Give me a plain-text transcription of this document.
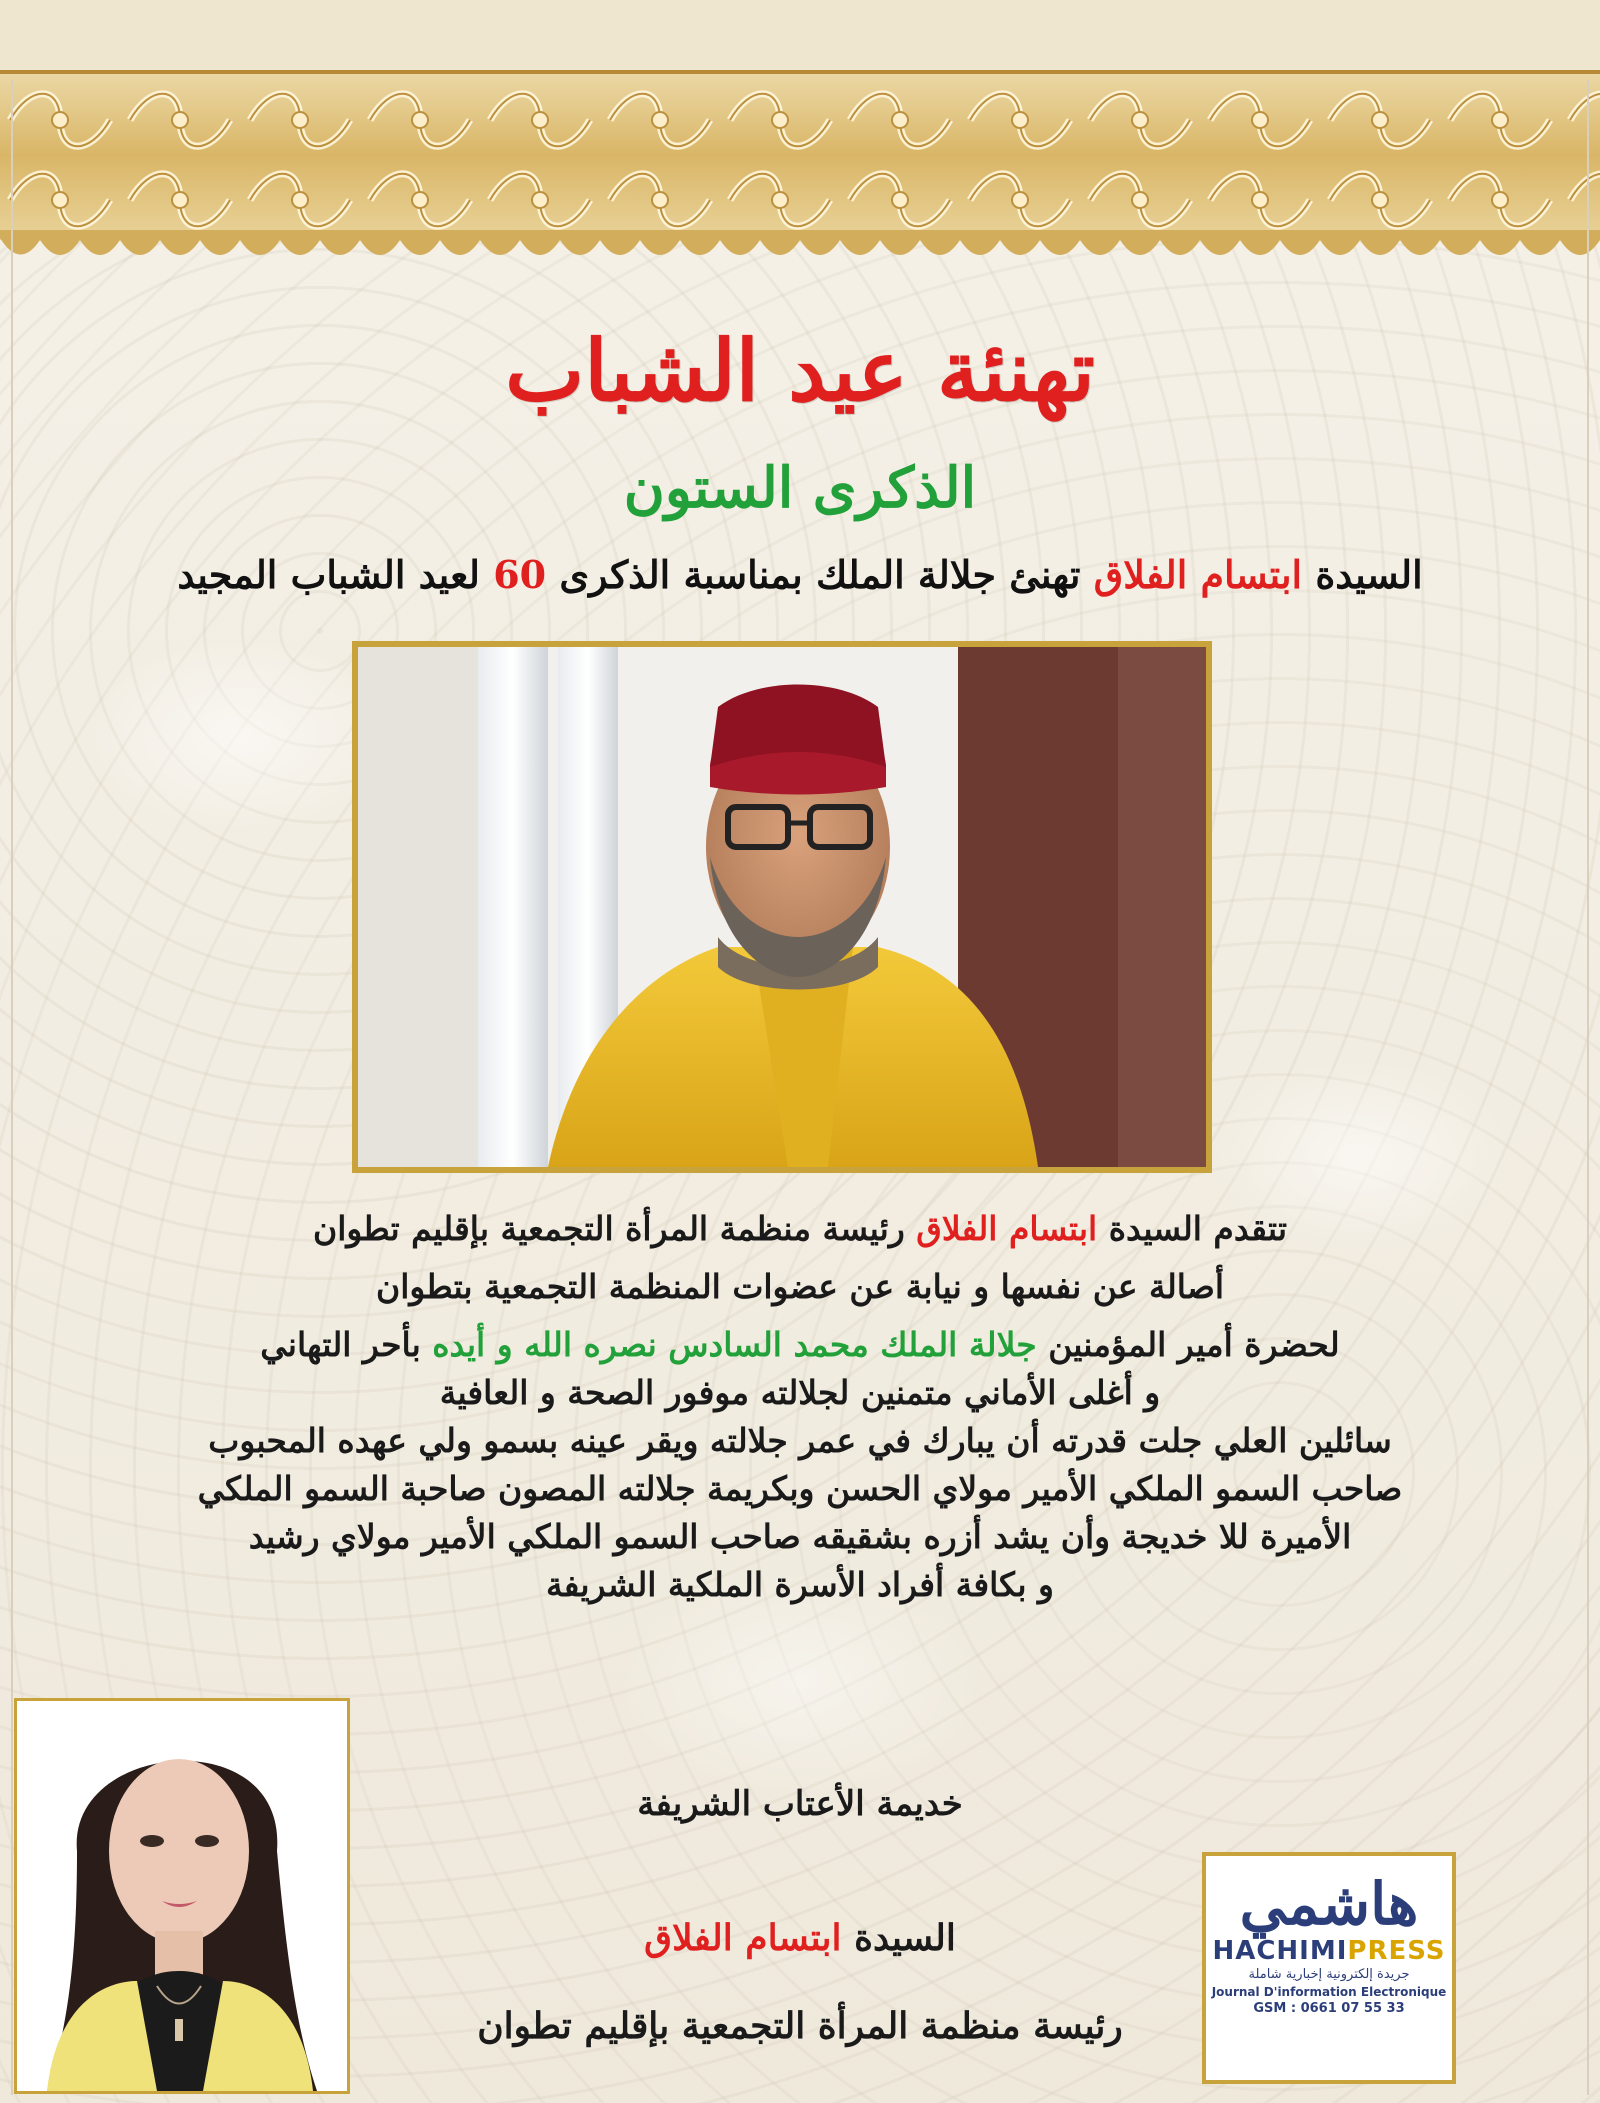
تهنئة عيد الشباب
الذكرى الستون
السيدة ابتسام الفلاق تهنئ جلالة الملك بمناسبة الذكرى 60 لعيد الشباب المجيد
تتقدم السيدة ابتسام الفلاق رئيسة منظمة المرأة التجمعية بإقليم تطوان
أصالة عن نفسها و نيابة عن عضوات المنظمة التجمعية بتطوان
لحضرة أمير المؤمنين جلالة الملك محمد السادس نصره الله و أيده بأحر التهاني
و أغلى الأماني متمنين لجلالته موفور الصحة و العافية
سائلين العلي جلت قدرته أن يبارك في عمر جلالته ويقر عينه بسمو ولي عهده المحبوب
صاحب السمو الملكي الأمير مولاي الحسن وبكريمة جلالته المصون صاحبة السمو الملكي
الأميرة للا خديجة وأن يشد أزره بشقيقه صاحب السمو الملكي الأمير مولاي رشيد
و بكافة أفراد الأسرة الملكية الشريفة
خديمة الأعتاب الشريفة
السيدة ابتسام الفلاق
رئيسة منظمة المرأة التجمعية بإقليم تطوان
هاشمي
HACHIMIPRESS
جريدة إلكترونية إخبارية شاملة
Journal D'information Electronique
GSM : 0661 07 55 33
